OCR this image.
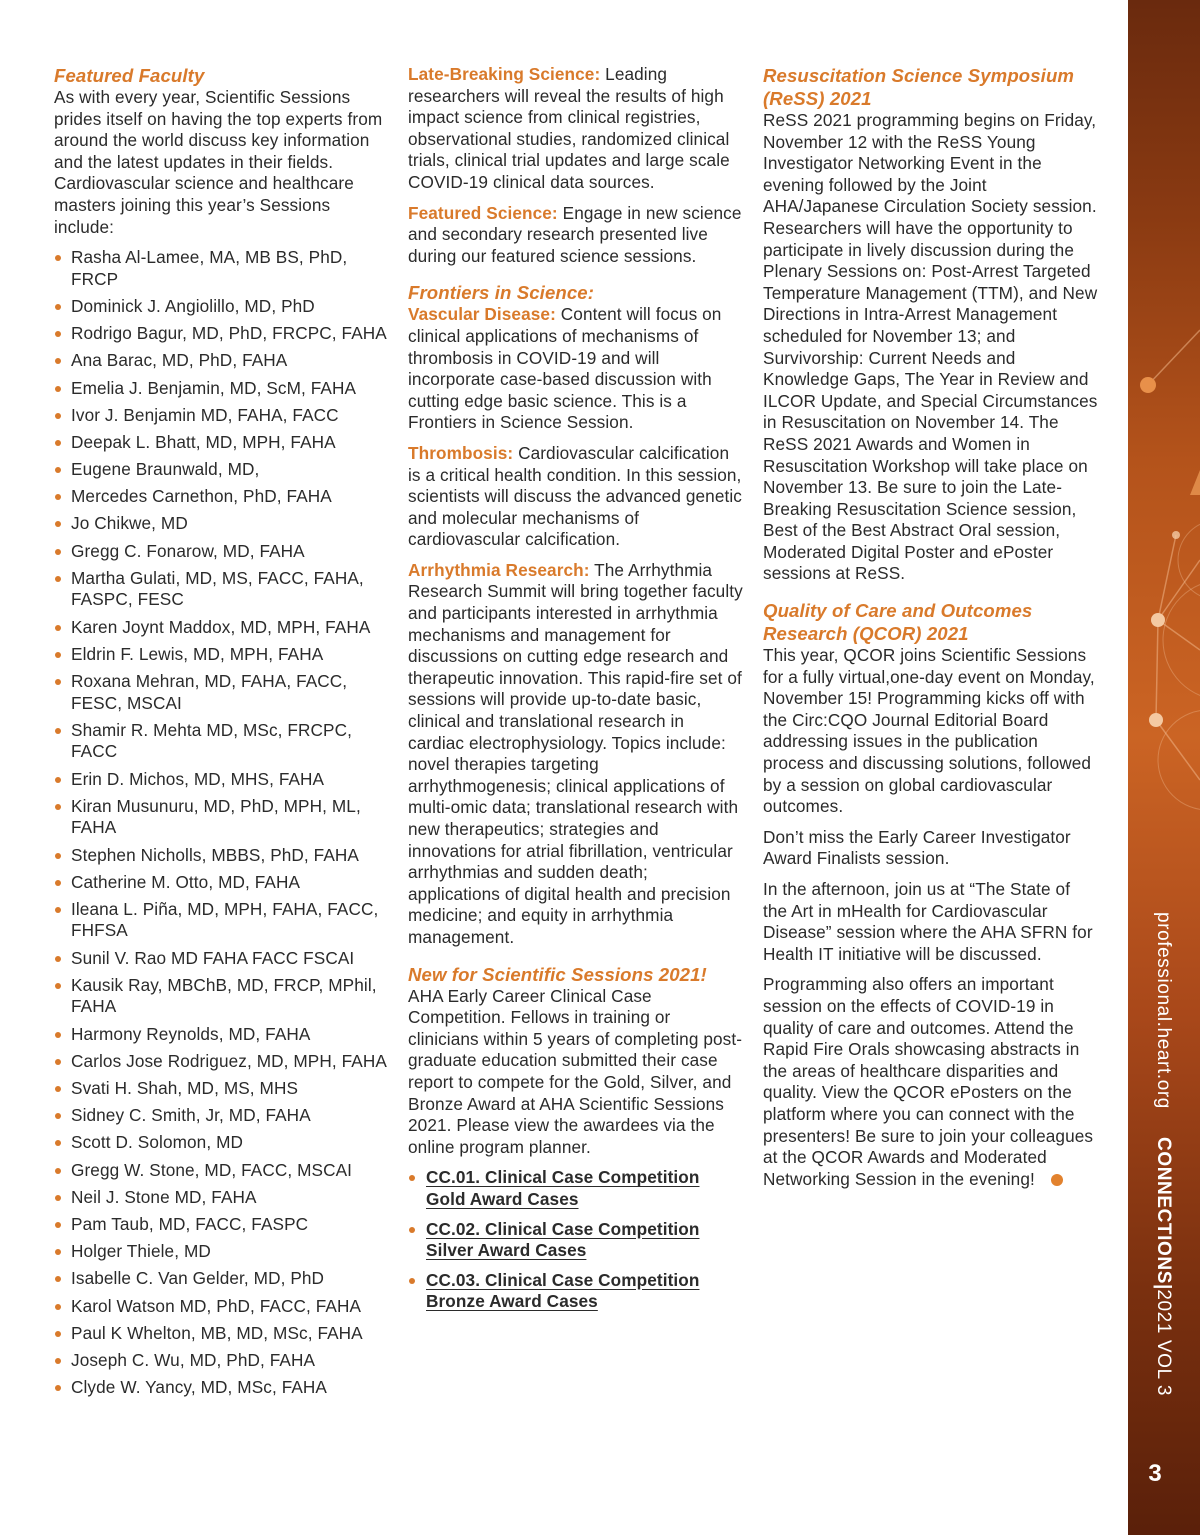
Featured Faculty

As with every year, Scientific Sessions prides itself on having the top experts from around the world discuss key information and the latest updates in their fields. Cardiovascular science and healthcare masters joining this year’s Sessions include:

Rasha Al-Lamee, MA, MB BS, PhD, FRCP
Dominick J. Angiolillo, MD, PhD
Rodrigo Bagur, MD, PhD, FRCPC, FAHA
Ana Barac, MD, PhD, FAHA
Emelia J. Benjamin, MD, ScM, FAHA
Ivor J. Benjamin MD, FAHA, FACC
Deepak L. Bhatt, MD, MPH, FAHA
Eugene Braunwald, MD,
Mercedes Carnethon, PhD, FAHA
Jo Chikwe, MD
Gregg C. Fonarow, MD, FAHA
Martha Gulati, MD, MS, FACC, FAHA, FASPC, FESC
Karen Joynt Maddox, MD, MPH, FAHA
Eldrin F. Lewis, MD, MPH, FAHA
Roxana Mehran, MD, FAHA, FACC, FESC, MSCAI
Shamir R. Mehta MD, MSc, FRCPC, FACC
Erin D. Michos, MD, MHS, FAHA
Kiran Musunuru, MD, PhD, MPH, ML, FAHA
Stephen Nicholls, MBBS, PhD, FAHA
Catherine M. Otto, MD, FAHA
Ileana L. Piña, MD, MPH, FAHA, FACC, FHFSA
Sunil V. Rao MD FAHA FACC FSCAI
Kausik Ray, MBChB, MD, FRCP, MPhil, FAHA
Harmony Reynolds, MD, FAHA
Carlos Jose Rodriguez, MD, MPH, FAHA
Svati H. Shah, MD, MS, MHS
Sidney C. Smith, Jr, MD, FAHA
Scott D. Solomon, MD
Gregg W. Stone, MD, FACC, MSCAI
Neil J. Stone MD, FAHA
Pam Taub, MD, FACC, FASPC
Holger Thiele, MD
Isabelle C. Van Gelder, MD, PhD
Karol Watson MD, PhD, FACC, FAHA
Paul K Whelton, MB, MD, MSc, FAHA
Joseph C. Wu, MD, PhD, FAHA
Clyde W. Yancy, MD, MSc, FAHA

Late-Breaking Science: Leading researchers will reveal the results of high impact science from clinical registries, observational studies, randomized clinical trials, clinical trial updates and large scale COVID-19 clinical data sources.

Featured Science: Engage in new science and secondary research presented live during our featured science sessions.

Frontiers in Science:

Vascular Disease: Content will focus on clinical applications of mechanisms of thrombosis in COVID-19 and will incorporate case-based discussion with cutting edge basic science. This is a Frontiers in Science Session.

Thrombosis: Cardiovascular calcification is a critical health condition. In this session, scientists will discuss the advanced genetic and molecular mechanisms of cardiovascular calcification.

Arrhythmia Research: The Arrhythmia Research Summit will bring together faculty and participants interested in arrhythmia mechanisms and management for discussions on cutting edge research and therapeutic innovation. This rapid-fire set of sessions will provide up-to-date basic, clinical and translational research in cardiac electrophysiology. Topics include: novel therapies targeting arrhythmogenesis; clinical applications of multi-omic data; translational research with new therapeutics; strategies and innovations for atrial fibrillation, ventricular arrhythmias and sudden death; applications of digital health and precision medicine; and equity in arrhythmia management.

New for Scientific Sessions 2021!

AHA Early Career Clinical Case Competition. Fellows in training or clinicians within 5 years of completing post-graduate education submitted their case report to compete for the Gold, Silver, and Bronze Award at AHA Scientific Sessions 2021. Please view the awardees via the online program planner.

CC.01. Clinical Case Competition
Gold Award Cases
CC.02. Clinical Case Competition
Silver Award Cases
CC.03. Clinical Case Competition
Bronze Award Cases
Resuscitation Science Symposium (ReSS) 2021

ReSS 2021 programming begins on Friday, November 12 with the ReSS Young Investigator Networking Event in the evening followed by the Joint AHA/Japanese Circulation Society session. Researchers will have the opportunity to participate in lively discussion during the Plenary Sessions on: Post-Arrest Targeted Temperature Management (TTM), and New Directions in Intra-Arrest Management scheduled for November 13; and Survivorship: Current Needs and Knowledge Gaps, The Year in Review and ILCOR Update, and Special Circumstances in Resuscitation on November 14. The ReSS 2021 Awards and Women in Resuscitation Workshop will take place on November 13. Be sure to join the Late-Breaking Resuscitation Science session, Best of the Best Abstract Oral session, Moderated Digital Poster and ePoster sessions at ReSS.

Quality of Care and Outcomes Research (QCOR) 2021

This year, QCOR joins Scientific Sessions for a fully virtual,one-day event on Monday, November 15! Programming kicks off with the Circ:CQO Journal Editorial Board addressing issues in the publication process and discussing solutions, followed by a session on global cardiovascular outcomes.

Don’t miss the Early Career Investigator Award Finalists session.

In the afternoon, join us at “The State of the Art in mHealth for Cardiovascular Disease” session where the AHA SFRN for Health IT initiative will be discussed.

Programming also offers an important session on the effects of COVID-19 in quality of care and outcomes. Attend the Rapid Fire Orals showcasing abstracts in the areas of healthcare disparities and quality. View the QCOR ePosters on the platform where you can connect with the presenters! Be sure to join your colleagues at the QCOR Awards and Moderated Networking Session in the evening!

professional.heart.orgCONNECTIONS|2021 VOL 3
3
